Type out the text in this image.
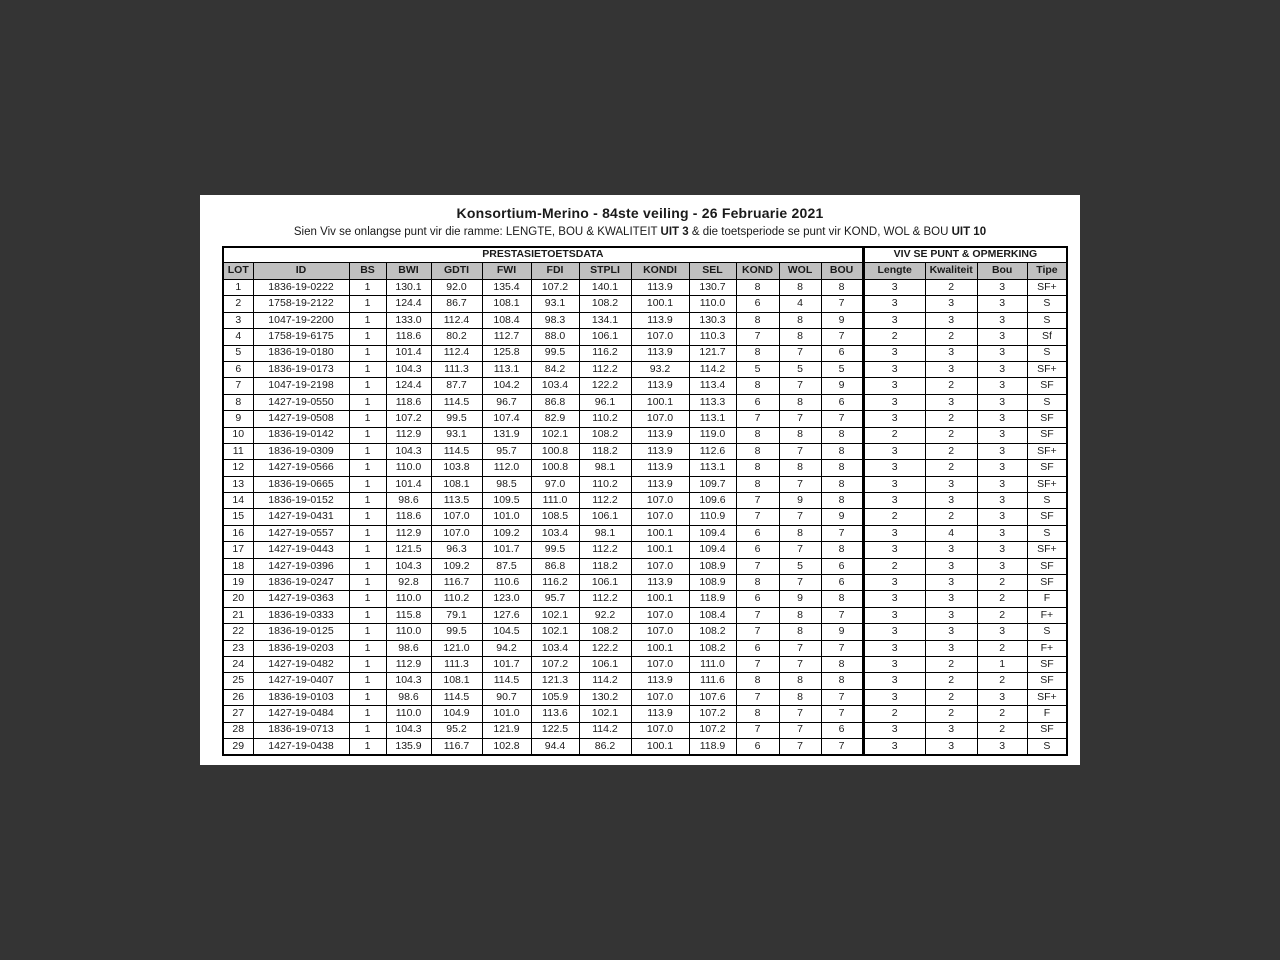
Konsortium-Merino - 84ste veiling - 26 Februarie 2021
Sien Viv se onlangse punt vir die ramme: LENGTE, BOU & KWALITEIT UIT 3 & die toetsperiode se punt vir KOND, WOL & BOU UIT 10
PRESTASIETOETSDATA													VIV SE PUNT & OPMERKING			
LOT	ID	BS	BWI	GDTI	FWI	FDI	STPLI	KONDI	SEL	KOND	WOL	BOU	Lengte	Kwaliteit	Bou	Tipe
1	1836-19-0222	1	130.1	92.0	135.4	107.2	140.1	113.9	130.7	8	8	8	3	2	3	SF+
2	1758-19-2122	1	124.4	86.7	108.1	93.1	108.2	100.1	110.0	6	4	7	3	3	3	S
3	1047-19-2200	1	133.0	112.4	108.4	98.3	134.1	113.9	130.3	8	8	9	3	3	3	S
4	1758-19-6175	1	118.6	80.2	112.7	88.0	106.1	107.0	110.3	7	8	7	2	2	3	Sf
5	1836-19-0180	1	101.4	112.4	125.8	99.5	116.2	113.9	121.7	8	7	6	3	3	3	S
6	1836-19-0173	1	104.3	111.3	113.1	84.2	112.2	93.2	114.2	5	5	5	3	3	3	SF+
7	1047-19-2198	1	124.4	87.7	104.2	103.4	122.2	113.9	113.4	8	7	9	3	2	3	SF
8	1427-19-0550	1	118.6	114.5	96.7	86.8	96.1	100.1	113.3	6	8	6	3	3	3	S
9	1427-19-0508	1	107.2	99.5	107.4	82.9	110.2	107.0	113.1	7	7	7	3	2	3	SF
10	1836-19-0142	1	112.9	93.1	131.9	102.1	108.2	113.9	119.0	8	8	8	2	2	3	SF
11	1836-19-0309	1	104.3	114.5	95.7	100.8	118.2	113.9	112.6	8	7	8	3	2	3	SF+
12	1427-19-0566	1	110.0	103.8	112.0	100.8	98.1	113.9	113.1	8	8	8	3	2	3	SF
13	1836-19-0665	1	101.4	108.1	98.5	97.0	110.2	113.9	109.7	8	7	8	3	3	3	SF+
14	1836-19-0152	1	98.6	113.5	109.5	111.0	112.2	107.0	109.6	7	9	8	3	3	3	S
15	1427-19-0431	1	118.6	107.0	101.0	108.5	106.1	107.0	110.9	7	7	9	2	2	3	SF
16	1427-19-0557	1	112.9	107.0	109.2	103.4	98.1	100.1	109.4	6	8	7	3	4	3	S
17	1427-19-0443	1	121.5	96.3	101.7	99.5	112.2	100.1	109.4	6	7	8	3	3	3	SF+
18	1427-19-0396	1	104.3	109.2	87.5	86.8	118.2	107.0	108.9	7	5	6	2	3	3	SF
19	1836-19-0247	1	92.8	116.7	110.6	116.2	106.1	113.9	108.9	8	7	6	3	3	2	SF
20	1427-19-0363	1	110.0	110.2	123.0	95.7	112.2	100.1	118.9	6	9	8	3	3	2	F
21	1836-19-0333	1	115.8	79.1	127.6	102.1	92.2	107.0	108.4	7	8	7	3	3	2	F+
22	1836-19-0125	1	110.0	99.5	104.5	102.1	108.2	107.0	108.2	7	8	9	3	3	3	S
23	1836-19-0203	1	98.6	121.0	94.2	103.4	122.2	100.1	108.2	6	7	7	3	3	2	F+
24	1427-19-0482	1	112.9	111.3	101.7	107.2	106.1	107.0	111.0	7	7	8	3	2	1	SF
25	1427-19-0407	1	104.3	108.1	114.5	121.3	114.2	113.9	111.6	8	8	8	3	2	2	SF
26	1836-19-0103	1	98.6	114.5	90.7	105.9	130.2	107.0	107.6	7	8	7	3	2	3	SF+
27	1427-19-0484	1	110.0	104.9	101.0	113.6	102.1	113.9	107.2	8	7	7	2	2	2	F
28	1836-19-0713	1	104.3	95.2	121.9	122.5	114.2	107.0	107.2	7	7	6	3	3	2	SF
29	1427-19-0438	1	135.9	116.7	102.8	94.4	86.2	100.1	118.9	6	7	7	3	3	3	S
